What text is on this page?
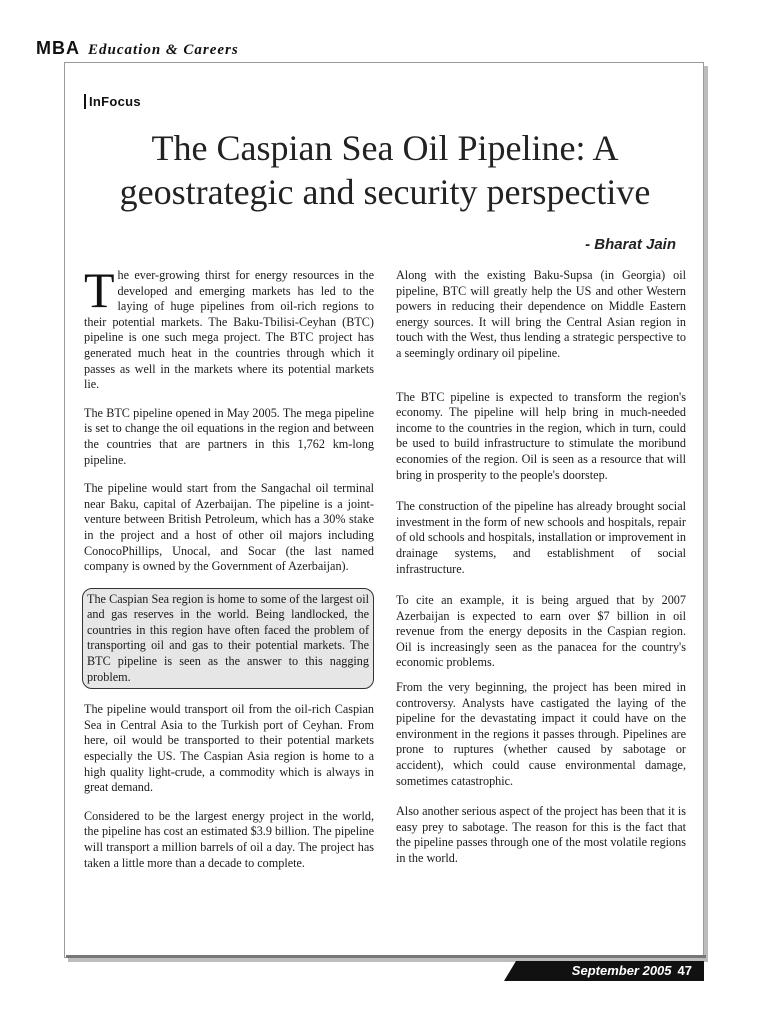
MBA Education & Careers
InFocus
The Caspian Sea Oil Pipeline: A geostrategic and security perspective
- Bharat Jain

The ever-growing thirst for energy resources in the developed and emerging markets has led to the laying of huge pipelines from oil-rich regions to their potential markets. The Baku-Tbilisi-Ceyhan (BTC) pipeline is one such mega project. The BTC project has generated much heat in the countries through which it passes as well in the markets where its potential markets lie.

The BTC pipeline opened in May 2005. The mega pipeline is set to change the oil equations in the region and between the countries that are partners in this 1,762 km-long pipeline.

The pipeline would start from the Sangachal oil terminal near Baku, capital of Azerbaijan. The pipeline is a joint-venture between British Petroleum, which has a 30% stake in the project and a host of other oil majors including ConocoPhillips, Unocal, and Socar (the last named company is owned by the Government of Azerbaijan).

The Caspian Sea region is home to some of the largest oil and gas reserves in the world. Being landlocked, the countries in this region have often faced the problem of transporting oil and gas to their potential markets. The BTC pipeline is seen as the answer to this nagging problem.

The pipeline would transport oil from the oil-rich Caspian Sea in Central Asia to the Turkish port of Ceyhan. From here, oil would be transported to their potential markets especially the US. The Caspian Asia region is home to a high quality light-crude, a commodity which is always in great demand.

Considered to be the largest energy project in the world, the pipeline has cost an estimated $3.9 billion. The pipeline will transport a million barrels of oil a day. The project has taken a little more than a decade to complete.

Along with the existing Baku-Supsa (in Georgia) oil pipeline, BTC will greatly help the US and other Western powers in reducing their dependence on Middle Eastern energy sources. It will bring the Central Asian region in touch with the West, thus lending a strategic perspective to a seemingly ordinary oil pipeline.

The BTC pipeline is expected to transform the region's economy. The pipeline will help bring in much-needed income to the countries in the region, which in turn, could be used to build infrastructure to stimulate the moribund economies of the region. Oil is seen as a resource that will bring in prosperity to the people's doorstep.

The construction of the pipeline has already brought social investment in the form of new schools and hospitals, repair of old schools and hospitals, installation or improvement in drainage systems, and establishment of social infrastructure.

To cite an example, it is being argued that by 2007 Azerbaijan is expected to earn over $7 billion in oil revenue from the energy deposits in the Caspian region. Oil is increasingly seen as the panacea for the country's economic problems.

From the very beginning, the project has been mired in controversy. Analysts have castigated the laying of the pipeline for the devastating impact it could have on the environment in the regions it passes through. Pipelines are prone to ruptures (whether caused by sabotage or accident), which could cause environmental damage, sometimes catastrophic.

Also another serious aspect of the project has been that it is easy prey to sabotage. The reason for this is the fact that the pipeline passes through one of the most volatile regions in the world.

September 2005 47
